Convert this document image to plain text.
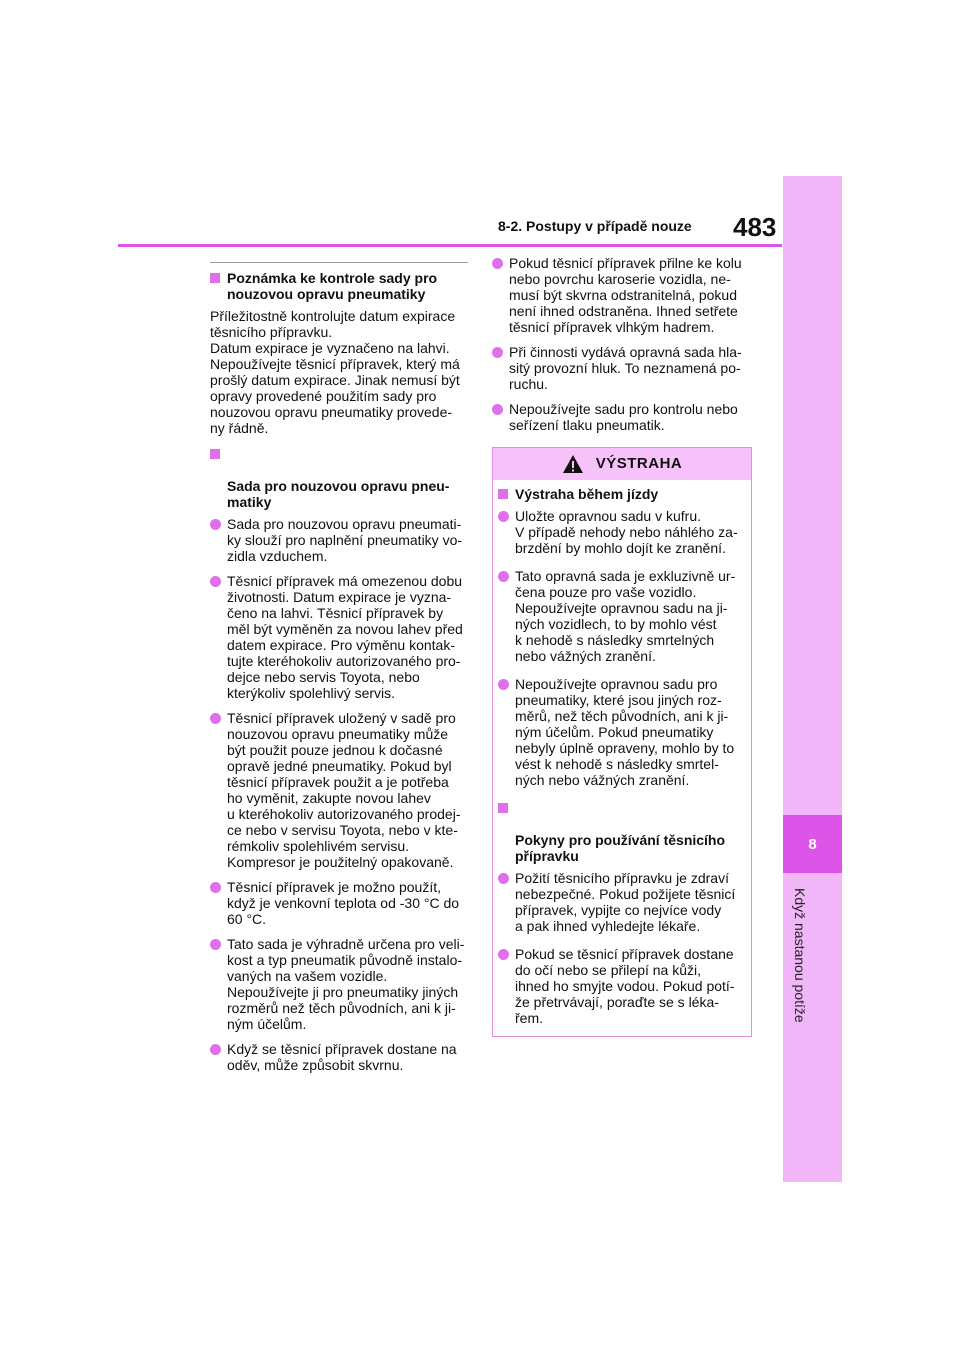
8
Když nastanou potíže
8-2. Postupy v případě nouze 483
Poznámka ke kontrole sady pro nouzovou opravu pneumatiky
Příležitostně kontrolujte datum expirace
těsnicího přípravku.
Datum expirace je vyznačeno na lahvi.
Nepoužívejte těsnicí přípravek, který má
prošlý datum expirace. Jinak nemusí být
opravy provedené použitím sady pro
nouzovou opravu pneumatiky provede-
ny řádně.

Sada pro nouzovou opravu pneu-
matiky

Sada pro nouzovou opravu pneumati-
ky slouží pro naplnění pneumatiky vo-
zidla vzduchem.
Těsnicí přípravek má omezenou dobu
životnosti. Datum expirace je vyzna-
čeno na lahvi. Těsnicí přípravek by
měl být vyměněn za novou lahev před
datem expirace. Pro výměnu kontak-
tujte kteréhokoliv autorizovaného pro-
dejce nebo servis Toyota, nebo
kterýkoliv spolehlivý servis.
Těsnicí přípravek uložený v sadě pro
nouzovou opravu pneumatiky může
být použit pouze jednou k dočasné
opravě jedné pneumatiky. Pokud byl
těsnicí přípravek použit a je potřeba
ho vyměnit, zakupte novou lahev
u kteréhokoliv autorizovaného prodej-
ce nebo v servisu Toyota, nebo v kte-
rémkoliv spolehlivém servisu.
Kompresor je použitelný opakovaně.
Těsnicí přípravek je možno použít,
když je venkovní teplota od -30 °C do
60 °C.
Tato sada je výhradně určena pro veli-
kost a typ pneumatik původně instalo-
vaných na vašem vozidle.
Nepoužívejte ji pro pneumatiky jiných
rozměrů než těch původních, ani k ji-
ným účelům.
Když se těsnicí přípravek dostane na
oděv, může způsobit skvrnu.
Pokud těsnicí přípravek přilne ke kolu
nebo povrchu karoserie vozidla, ne-
musí být skvrna odstranitelná, pokud
není ihned odstraněna. Ihned setřete
těsnicí přípravek vlhkým hadrem.
Při činnosti vydává opravná sada hla-
sitý provozní hluk. To neznamená po-
ruchu.
Nepoužívejte sadu pro kontrolu nebo
seřízení tlaku pneumatik.
VÝSTRAHA
Výstraha během jízdy
Uložte opravnou sadu v kufru.
V případě nehody nebo náhlého za-
brzdění by mohlo dojít ke zranění.
Tato opravná sada je exkluzivně ur-
čena pouze pro vaše vozidlo.
Nepoužívejte opravnou sadu na ji-
ných vozidlech, to by mohlo vést
k nehodě s následky smrtelných
nebo vážných zranění.
Nepoužívejte opravnou sadu pro
pneumatiky, které jsou jiných roz-
měrů, než těch původních, ani k ji-
ným účelům. Pokud pneumatiky
nebyly úplně opraveny, mohlo by to
vést k nehodě s následky smrtel-
ných nebo vážných zranění.

Pokyny pro používání těsnicího
přípravku

Požití těsnicího přípravku je zdraví
nebezpečné. Pokud požijete těsnicí
přípravek, vypijte co nejvíce vody
a pak ihned vyhledejte lékaře.
Pokud se těsnicí přípravek dostane
do očí nebo se přilepí na kůži,
ihned ho smyjte vodou. Pokud potí-
že přetrvávají, poraďte se s léka-
řem.
